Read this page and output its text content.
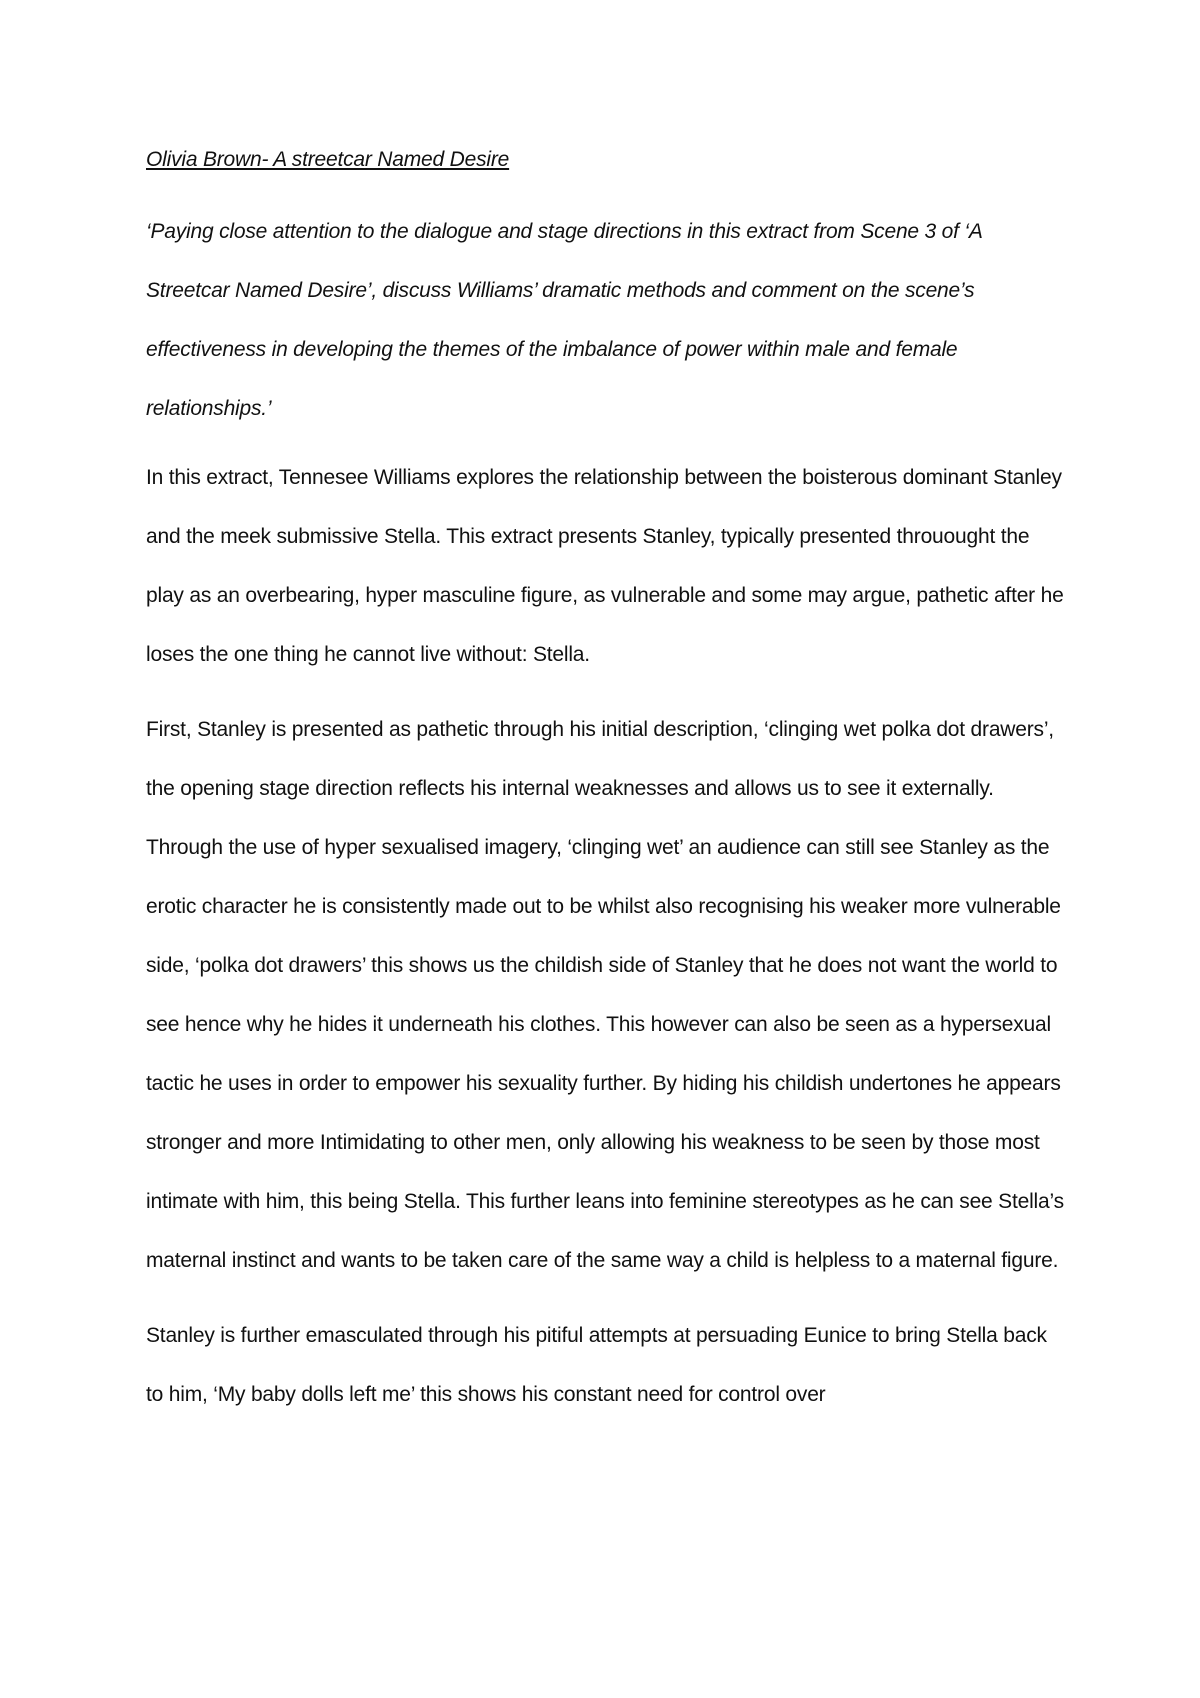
Olivia Brown- A streetcar Named Desire

‘Paying close attention to the dialogue and stage directions in this extract from Scene 3 of ‘A Streetcar Named Desire’, discuss Williams’ dramatic methods and comment on the scene’s effectiveness in developing the themes of the imbalance of power within male and female relationships.’

In this extract, Tennesee Williams explores the relationship between the boisterous dominant Stanley and the meek submissive Stella. This extract presents Stanley, typically presented throuought the play as an overbearing, hyper masculine figure, as vulnerable and some may argue, pathetic after he loses the one thing he cannot live without: Stella.

First, Stanley is presented as pathetic through his initial description, ‘clinging wet polka dot drawers’, the opening stage direction reflects his internal weaknesses and allows us to see it externally. Through the use of hyper sexualised imagery, ‘clinging wet’ an audience can still see Stanley as the erotic character he is consistently made out to be whilst also recognising his weaker more vulnerable side, ‘polka dot drawers’ this shows us the childish side of Stanley that he does not want the world to see hence why he hides it underneath his clothes. This however can also be seen as a hypersexual tactic he uses in order to empower his sexuality further. By hiding his childish undertones he appears stronger and more Intimidating to other men, only allowing his weakness to be seen by those most intimate with him, this being Stella. This further leans into feminine stereotypes as he can see Stella’s maternal instinct and wants to be taken care of the same way a child is helpless to a maternal figure.

Stanley is further emasculated through his pitiful attempts at persuading Eunice to bring Stella back to him, ‘My baby dolls left me’ this shows his constant need for control over
